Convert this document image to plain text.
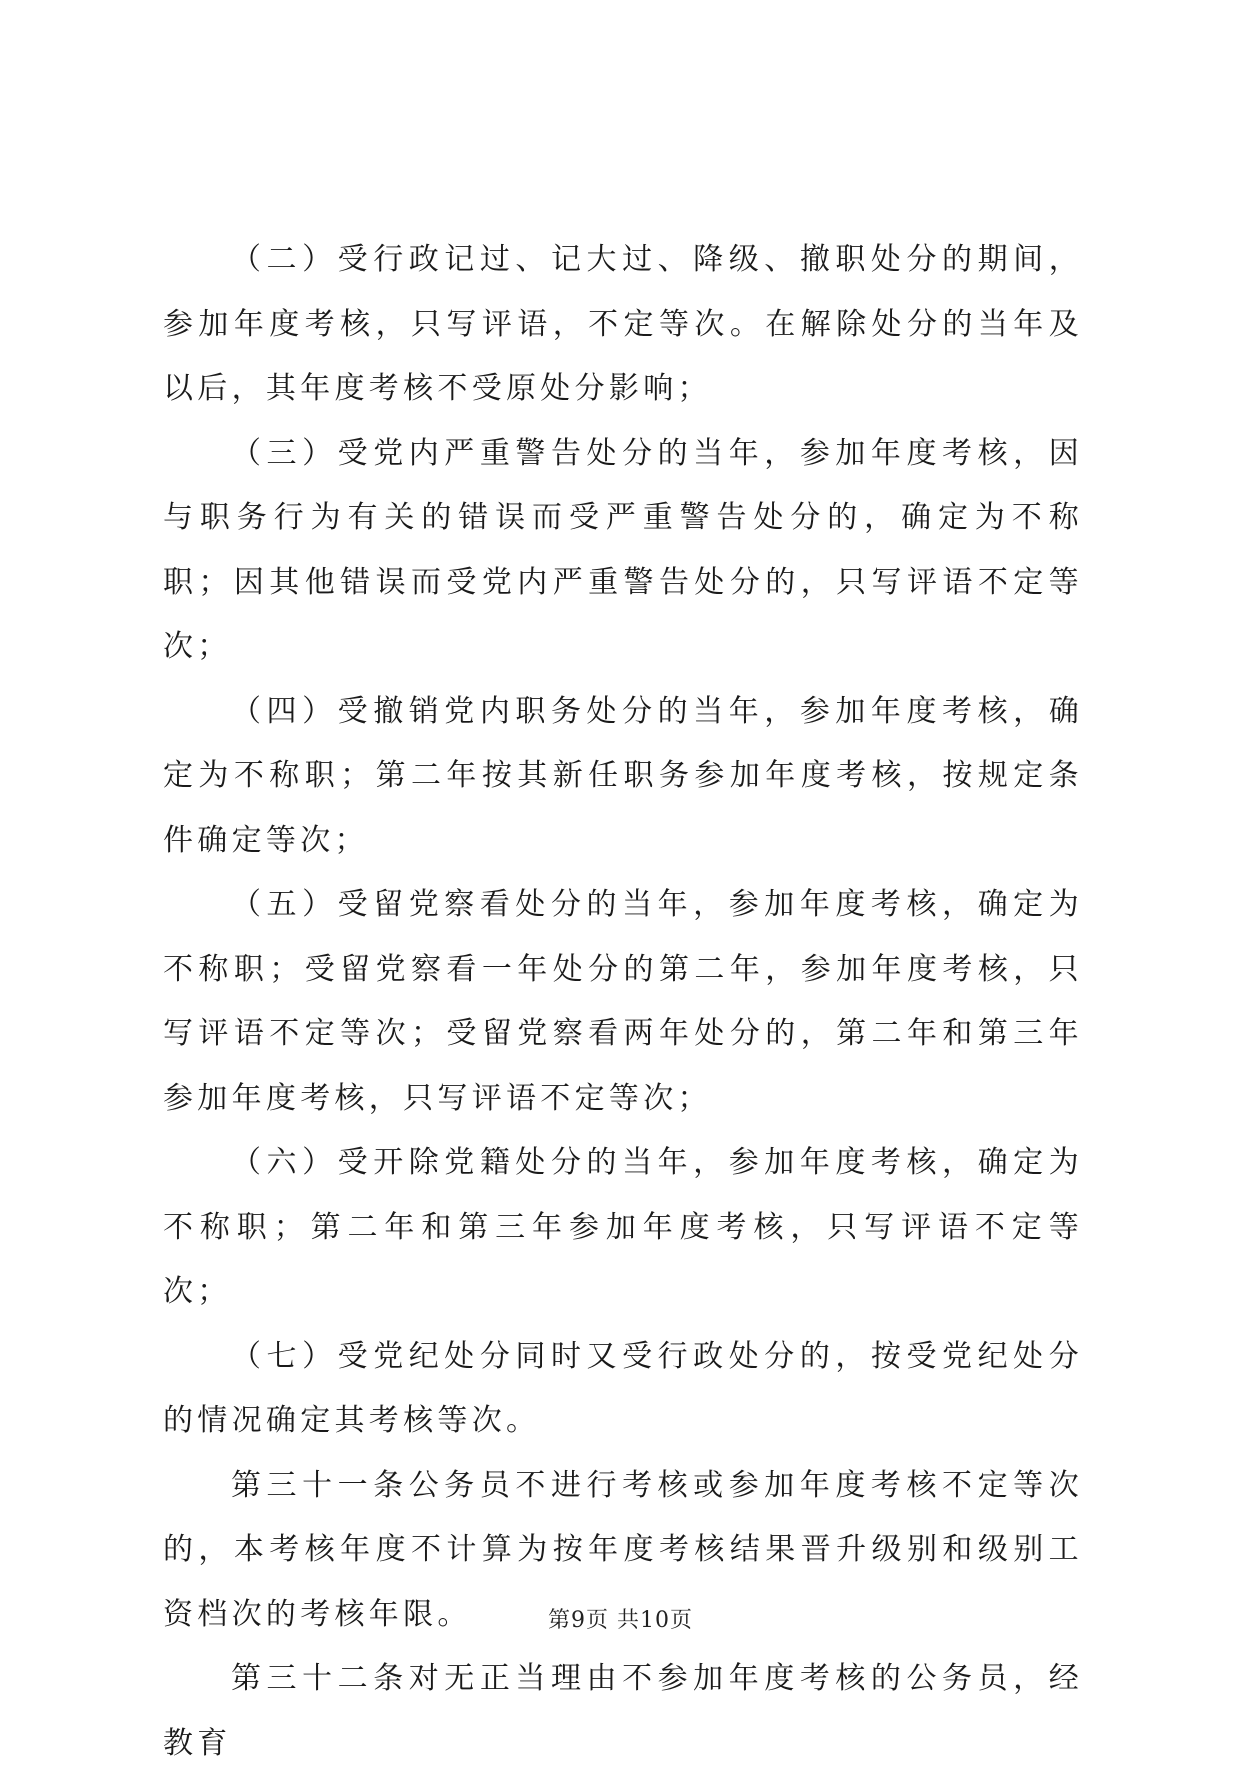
（二）受行政记过、记大过、降级、撤职处分的期间，参加年度考核，只写评语，不定等次。在解除处分的当年及以后，其年度考核不受原处分影响；

（三）受党内严重警告处分的当年，参加年度考核，因与职务行为有关的错误而受严重警告处分的，确定为不称职；因其他错误而受党内严重警告处分的，只写评语不定等次；

（四）受撤销党内职务处分的当年，参加年度考核，确定为不称职；第二年按其新任职务参加年度考核，按规定条件确定等次；

（五）受留党察看处分的当年，参加年度考核，确定为不称职；受留党察看一年处分的第二年，参加年度考核，只写评语不定等次；受留党察看两年处分的，第二年和第三年参加年度考核，只写评语不定等次；

（六）受开除党籍处分的当年，参加年度考核，确定为不称职；第二年和第三年参加年度考核，只写评语不定等次；

（七）受党纪处分同时又受行政处分的，按受党纪处分的情况确定其考核等次。

第三十一条公务员不进行考核或参加年度考核不定等次的，本考核年度不计算为按年度考核结果晋升级别和级别工资档次的考核年限。

第三十二条对无正当理由不参加年度考核的公务员，经教育

第9页 共10页
